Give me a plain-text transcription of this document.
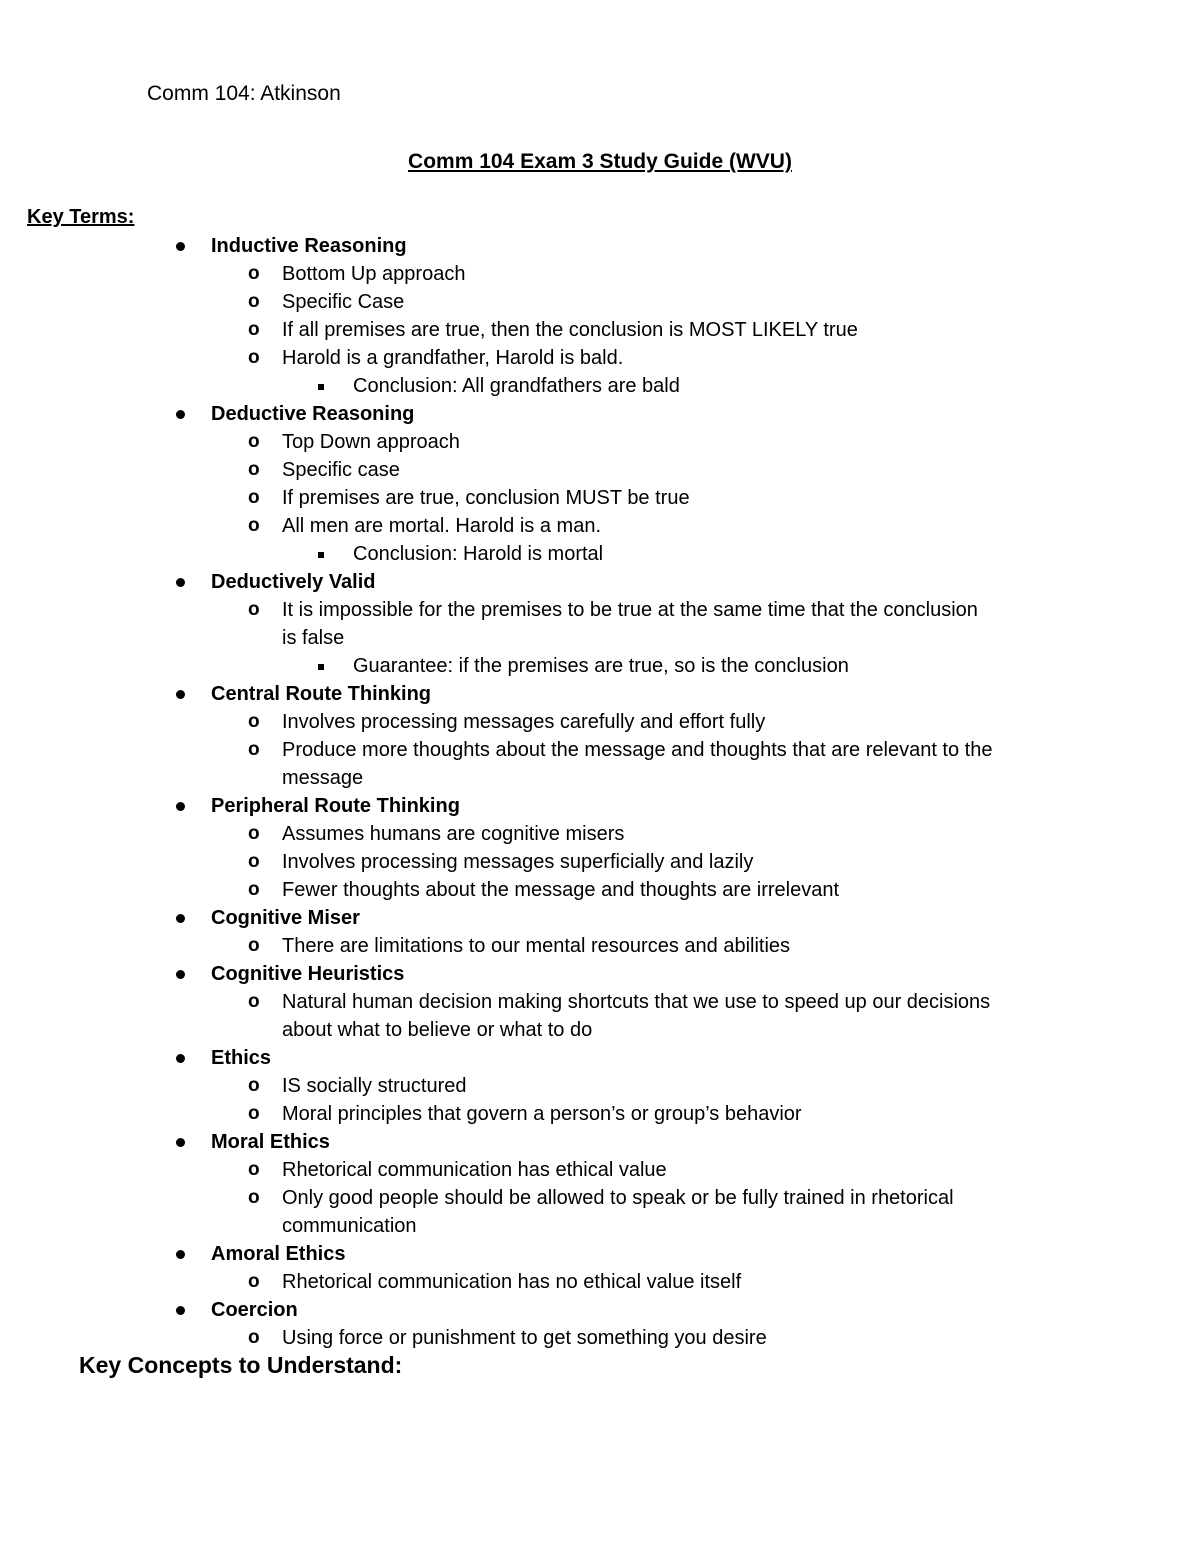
Comm 104: Atkinson
Comm 104 Exam 3 Study Guide (WVU)
Key Terms:
Inductive Reasoning
o Bottom Up approach
o Specific Case
o If all premises are true, then the conclusion is MOST LIKELY true
o Harold is a grandfather, Harold is bald.
Conclusion: All grandfathers are bald
Deductive Reasoning
o Top Down approach
o Specific case
o If premises are true, conclusion MUST be true
o All men are mortal. Harold is a man.
Conclusion: Harold is mortal
Deductively Valid
o It is impossible for the premises to be true at the same time that the conclusion
is false
Guarantee: if the premises are true, so is the conclusion
Central Route Thinking
o Involves processing messages carefully and effort fully
o Produce more thoughts about the message and thoughts that are relevant to the
message
Peripheral Route Thinking
o Assumes humans are cognitive misers
o Involves processing messages superficially and lazily
o Fewer thoughts about the message and thoughts are irrelevant
Cognitive Miser
o There are limitations to our mental resources and abilities
Cognitive Heuristics
o Natural human decision making shortcuts that we use to speed up our decisions
about what to believe or what to do
Ethics
o IS socially structured
o Moral principles that govern a person’s or group’s behavior
Moral Ethics
o Rhetorical communication has ethical value
o Only good people should be allowed to speak or be fully trained in rhetorical
communication
Amoral Ethics
o Rhetorical communication has no ethical value itself
Coercion
o Using force or punishment to get something you desire
Key Concepts to Understand:
